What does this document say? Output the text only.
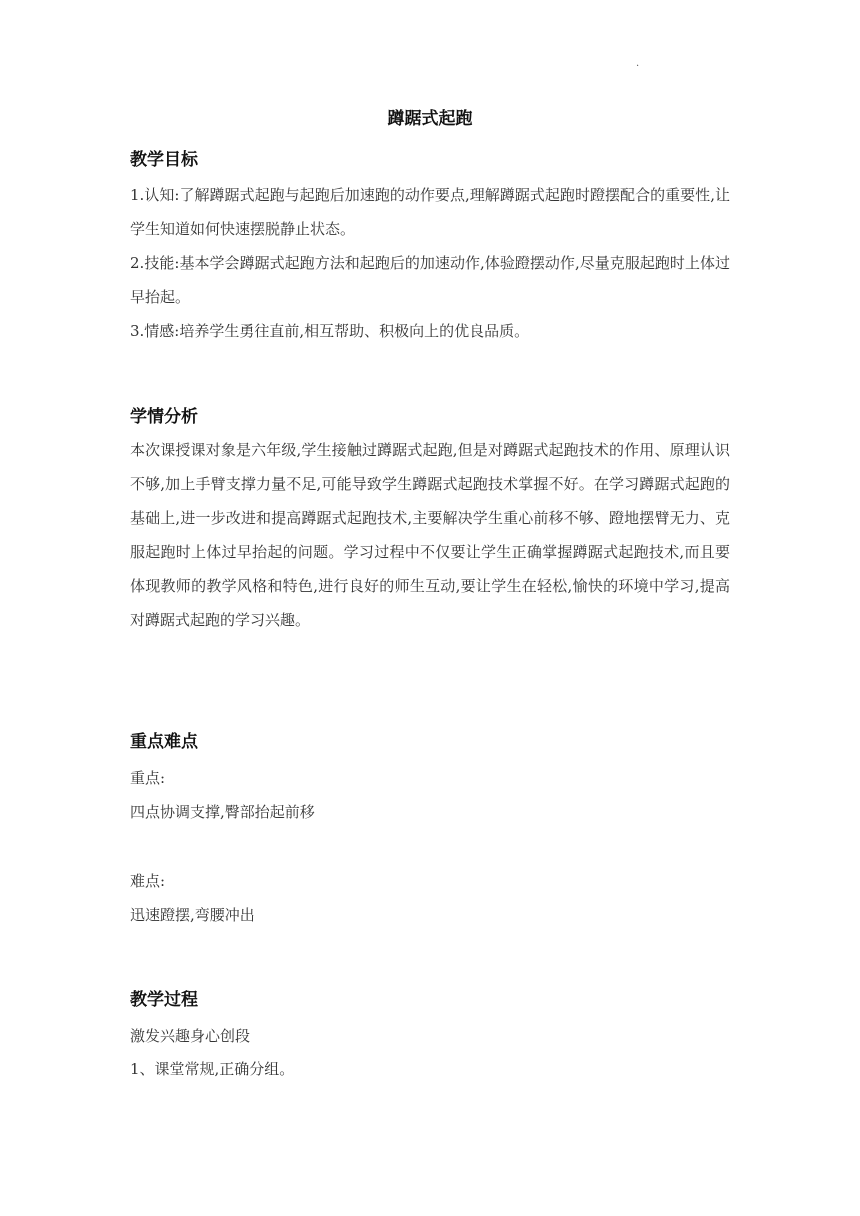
.
蹲踞式起跑
教学目标
1.认知:了解蹲踞式起跑与起跑后加速跑的动作要点,理解蹲踞式起跑时蹬摆配合的重要性,让学生知道如何快速摆脱静止状态。
2.技能:基本学会蹲踞式起跑方法和起跑后的加速动作,体验蹬摆动作,尽量克服起跑时上体过早抬起。
3.情感:培养学生勇往直前,相互帮助、积极向上的优良品质。
学情分析
本次课授课对象是六年级,学生接触过蹲踞式起跑,但是对蹲踞式起跑技术的作用、原理认识不够,加上手臂支撑力量不足,可能导致学生蹲踞式起跑技术掌握不好。在学习蹲踞式起跑的基础上,进一步改进和提高蹲踞式起跑技术,主要解决学生重心前移不够、蹬地摆臂无力、克服起跑时上体过早抬起的问题。学习过程中不仅要让学生正确掌握蹲踞式起跑技术,而且要体现教师的教学风格和特色,进行良好的师生互动,要让学生在轻松,愉快的环境中学习,提高对蹲踞式起跑的学习兴趣。
重点难点
重点:
四点协调支撑,臀部抬起前移
难点:
迅速蹬摆,弯腰冲出
教学过程
激发兴趣身心创段
1、课堂常规,正确分组。
